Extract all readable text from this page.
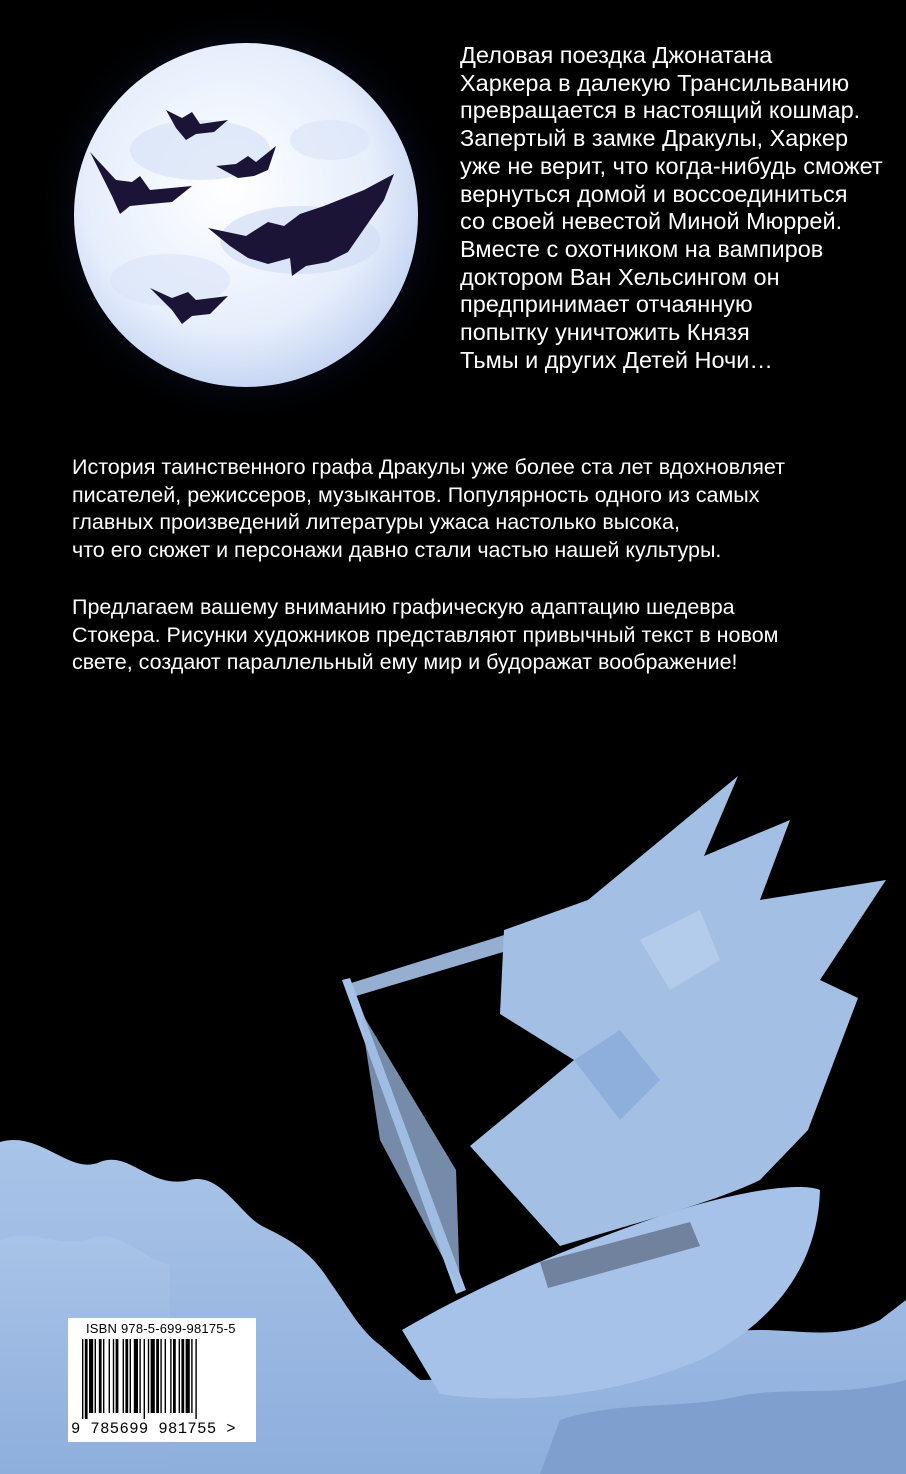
Деловая поездка Джонатана
Харкера в далекую Трансильванию
превращается в настоящий кошмар.
Запертый в замке Дракулы, Харкер
уже не верит, что когда-нибудь сможет
вернуться домой и воссоединиться
со своей невестой Миной Мюррей.
Вместе с охотником на вампиров
доктором Ван Хельсингом он
предпринимает отчаянную
попытку уничтожить Князя
Тьмы и других Детей Ночи…

История таинственного графа Дракулы уже более ста лет вдохновляет
писателей, режиссеров, музыкантов. Популярность одного из самых
главных произведений литературы ужаса настолько высока,
что его сюжет и персонажи давно стали частью нашей культуры.

Предлагаем вашему вниманию графическую адаптацию шедевра
Стокера. Рисунки художников представляют привычный текст в новом
свете, создают параллельный ему мир и будоражат воображение!

ISBN 978-5-699-98175-5
9 785699 981755 >
